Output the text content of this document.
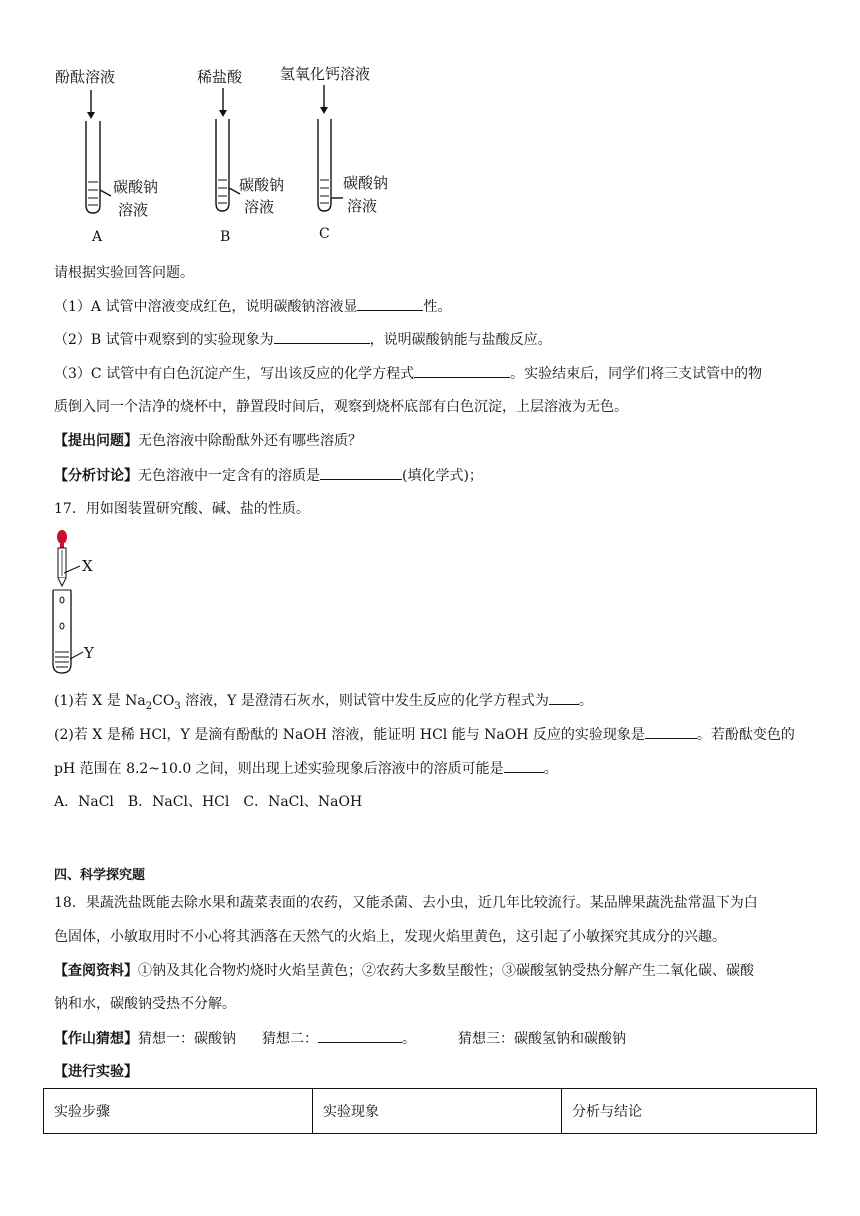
酚酞溶液	稀盐酸	氢氧化钙溶液
碳酸钠
溶液
碳酸钠
溶液
碳酸钠
溶液
A	B	C
请根据实验回答问题。
（1）A 试管中溶液变成红色，说明碳酸钠溶液显	性。
（2）B 试管中观察到的实验现象为	，说明碳酸钠能与盐酸反应。
（3）C 试管中有白色沉淀产生，写出该反应的化学方程式	。实验结束后，同学们将三支试管中的物
质倒入同一个洁净的烧杯中，静置段时间后，观察到烧杯底部有白色沉淀，上层溶液为无色。
【提出问题】无色溶液中除酚酞外还有哪些溶质？
【分析讨论】无色溶液中一定含有的溶质是	(填化学式)；
17．用如图装置研究酸、碱、盐的性质。
X
Y
(1)若 X 是 $Na_2CO_3$ 溶液，Y 是澄清石灰水，则试管中发生反应的化学方程式为 。
(2)若 X 是稀 HCl，Y 是滴有酚酞的 NaOH 溶液，能证明 HCl 能与 NaOH 反应的实验现象是	。若酚酞变色的
pH 范围在 8.2~10.0 之间，则出现上述实验现象后溶液中的溶质可能是	。
A．NaCl　B．NaCl、HCl　C．NaCl、NaOH
四、科学探究题
18．果蔬洗盐既能去除水果和蔬菜表面的农药，又能杀菌、去小虫，近几年比较流行。某品牌果蔬洗盐常温下为白
色固体，小敏取用时不小心将其洒落在天然气的火焰上，发现火焰里黄色，这引起了小敏探究其成分的兴趣。
【查阅资料】①钠及其化合物灼烧时火焰呈黄色；②农药大多数呈酸性；③碳酸氢钠受热分解产生二氧化碳、碳酸
钠和水，碳酸钠受热不分解。
【作山猜想】猜想一：碳酸钠 猜想二：	。	猜想三：碳酸氢钠和碳酸钠
【进行实验】
实验步骤	实验现象	分析与结论
